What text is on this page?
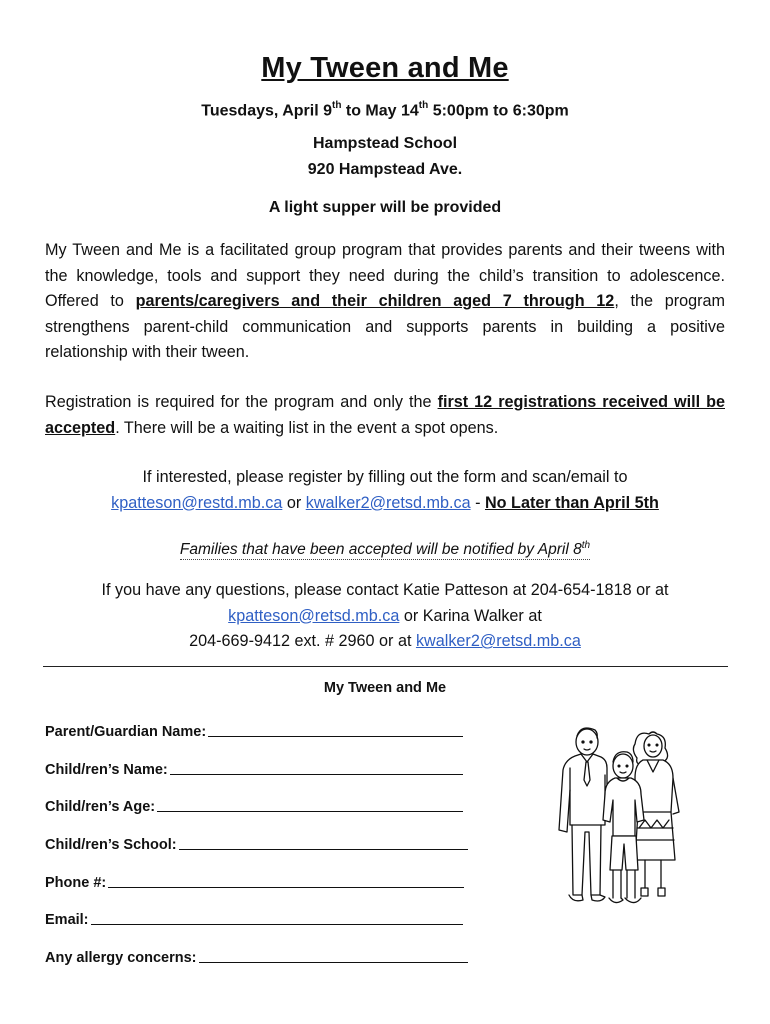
My Tween and Me
Tuesdays, April 9th to May 14th 5:00pm to 6:30pm
Hampstead School
920 Hampstead Ave.
A light supper will be provided

My Tween and Me is a facilitated group program that provides parents and their tweens with the knowledge, tools and support they need during the child’s transition to adolescence. Offered to parents/caregivers and their children aged 7 through 12, the program strengthens parent-child communication and supports parents in building a positive relationship with their tween.

Registration is required for the program and only the first 12 registrations received will be accepted. There will be a waiting list in the event a spot opens.

If interested, please register by filling out the form and scan/email to
kpatteson@restd.mb.ca or kwalker2@retsd.mb.ca - No Later than April 5th
Families that have been accepted will be notified by April 8th
If you have any questions, please contact Katie Patteson at 204-654-1818 or at
kpatteson@retsd.mb.ca or Karina Walker at
204-669-9412 ext. # 2960 or at kwalker2@retsd.mb.ca
My Tween and Me
Parent/Guardian Name:
Child/ren’s Name:
Child/ren’s Age:
Child/ren’s School:
Phone #:
Email:
Any allergy concerns:
